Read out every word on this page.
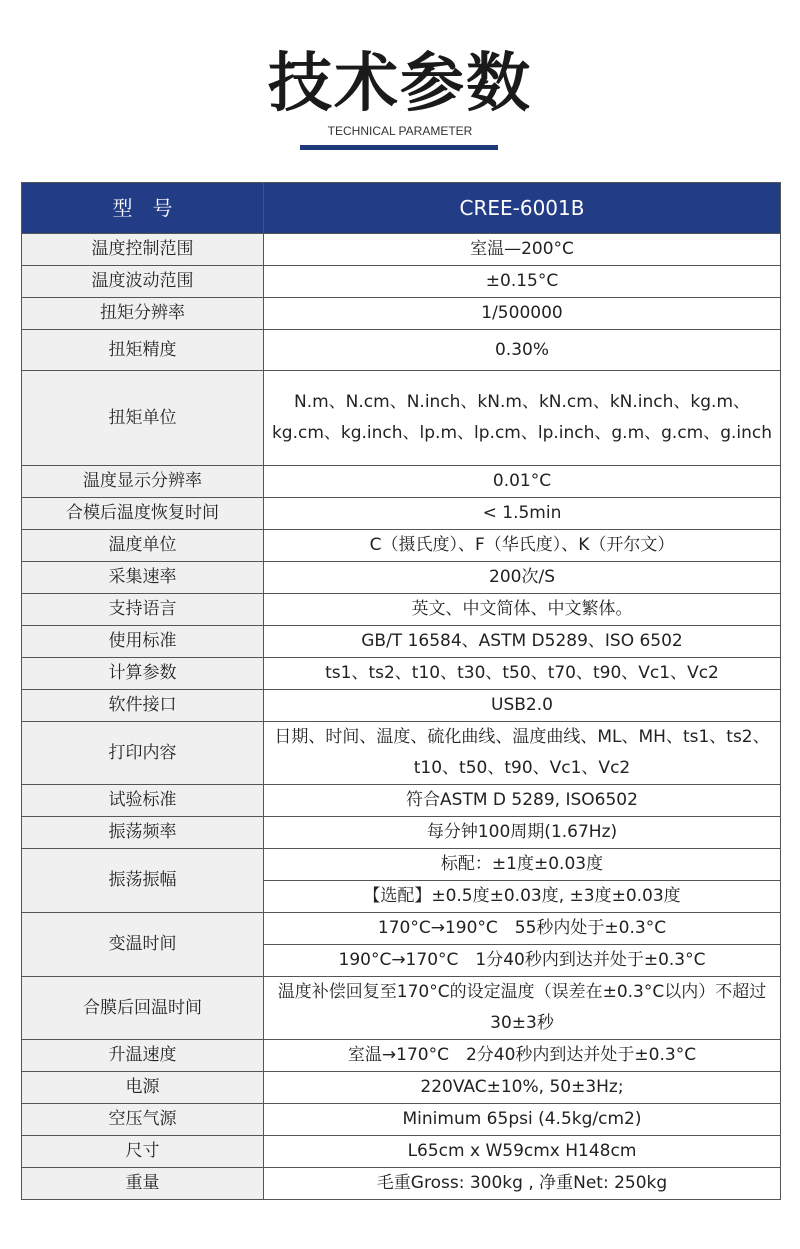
技术参数
TECHNICAL PARAMETER
型　号	CREE-6001B
温度控制范围	室温—200°C
温度波动范围	±0.15°C
扭矩分辨率	1/500000
扭矩精度	0.30%
扭矩单位	N.m、N.cm、N.inch、kN.m、kN.cm、kN.inch、kg.m、kg.cm、kg.inch、lp.m、lp.cm、lp.inch、g.m、g.cm、g.inch
温度显示分辨率	0.01°C
合模后温度恢复时间	< 1.5min
温度单位	C（摄氏度）、F（华氏度）、K（开尔文）
采集速率	200次/S
支持语言	英文、中文简体、中文繁体。
使用标准	GB/T 16584、ASTM D5289、ISO 6502
计算参数	ts1、ts2、t10、t30、t50、t70、t90、Vc1、Vc2
软件接口	USB2.0
打印内容	日期、时间、温度、硫化曲线、温度曲线、ML、MH、ts1、ts2、t10、t50、t90、Vc1、Vc2
试验标准	符合ASTM D 5289, ISO6502
振荡频率	每分钟100周期(1.67Hz)
振荡振幅	标配：±1度±0.03度
	【选配】±0.5度±0.03度, ±3度±0.03度
变温时间	170°C→190°C　55秒内处于±0.3°C
	190°C→170°C　1分40秒内到达并处于±0.3°C
合膜后回温时间	温度补偿回复至170°C的设定温度（误差在±0.3°C以内）不超过30±3秒
升温速度	室温→170°C　2分40秒内到达并处于±0.3°C
电源	220VAC±10%, 50±3Hz;
空压气源	Minimum 65psi (4.5kg/cm2)
尺寸	L65cm x W59cmx H148cm
重量	毛重Gross: 300kg , 净重Net: 250kg
